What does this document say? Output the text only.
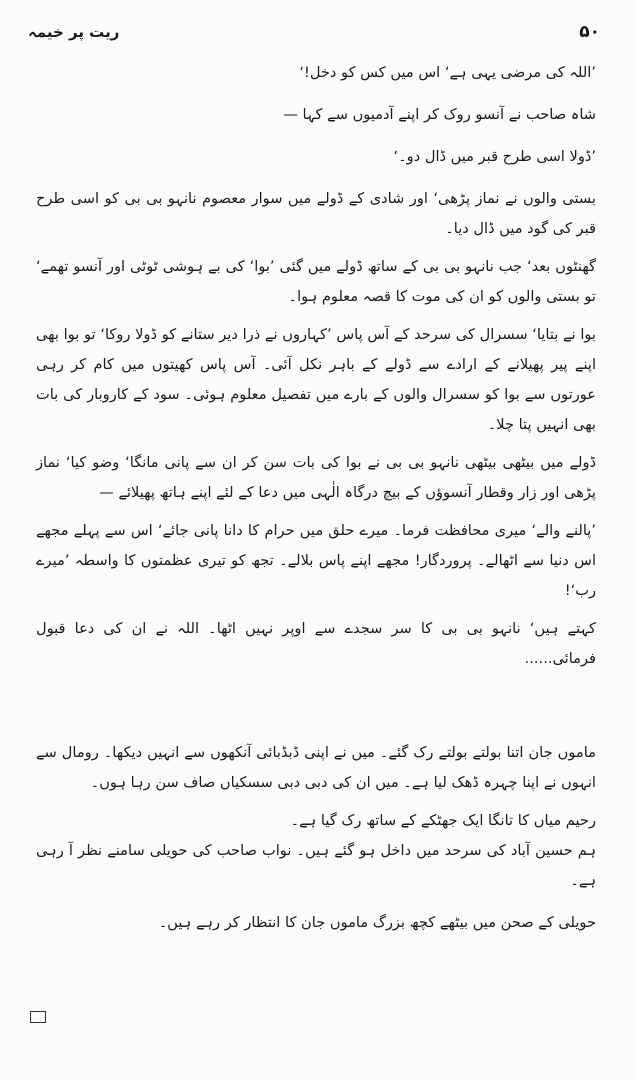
ریت پر خیمہ	۵۰

’اللہ کی مرضی یہی ہے‘ اس میں کس کو دخل!‘

شاہ صاحب نے آنسو روک کر اپنے آدمیوں سے کہا —

’ڈولا اسی طرح قبر میں ڈال دو۔‘

بستی والوں نے نماز پڑھی‘ اور شادی کے ڈولے میں سوار معصوم نانہو بی بی کو اسی طرح قبر کی گود میں ڈال دیا۔

گھنٹوں بعد‘ جب نانہو بی بی کے ساتھ ڈولے میں گئی ’بوا‘ کی بے ہوشی ٹوٹی اور آنسو تھمے‘ تو بستی والوں کو ان کی موت کا قصہ معلوم ہوا۔

بوا نے بتایا‘ سسرال کی سرحد کے آس پاس ’کہاروں نے ذرا دیر ستانے کو ڈولا روکا‘ تو بوا بھی اپنے پیر پھیلانے کے ارادے سے ڈولے کے باہر نکل آئی۔ آس پاس کھیتوں میں کام کر رہی عورتوں سے بوا کو سسرال والوں کے بارے میں تفصیل معلوم ہوئی۔ سود کے کاروبار کی بات بھی انہیں پتا چلا۔

ڈولے میں بیٹھی بیٹھی نانہو بی بی نے بوا کی بات سن کر ان سے پانی مانگا‘ وضو کیا‘ نماز پڑھی اور زار وقطار آنسوؤں کے بیچ درگاہ الٰہی میں دعا کے لئے اپنے ہاتھ پھیلائے —

’پالنے والے‘ میری محافظت فرما۔ میرے حلق میں حرام کا دانا پانی جائے‘ اس سے پہلے مجھے اس دنیا سے اٹھالے۔ پروردگار! مجھے اپنے پاس بلالے۔ تجھ کو تیری عظمتوں کا واسطہ ’میرے رب‘!

کہتے ہیں‘ نانہو بی بی کا سر سجدے سے اوپر نہیں اٹھا۔ اللہ نے ان کی دعا قبول فرمائی......

ماموں جان اتنا بولتے بولتے رک گئے۔ میں نے اپنی ڈبڈبائی آنکھوں سے انہیں دیکھا۔ رومال سے انہوں نے اپنا چہرہ ڈھک لیا ہے۔ میں ان کی دبی دبی سسکیاں صاف سن رہا ہوں۔

رحیم میاں کا تانگا ایک جھٹکے کے ساتھ رک گیا ہے۔

ہم حسین آباد کی سرحد میں داخل ہو گئے ہیں۔ نواب صاحب کی حویلی سامنے نظر آ رہی ہے۔

حویلی کے صحن میں بیٹھے کچھ بزرگ ماموں جان کا انتظار کر رہے ہیں۔
